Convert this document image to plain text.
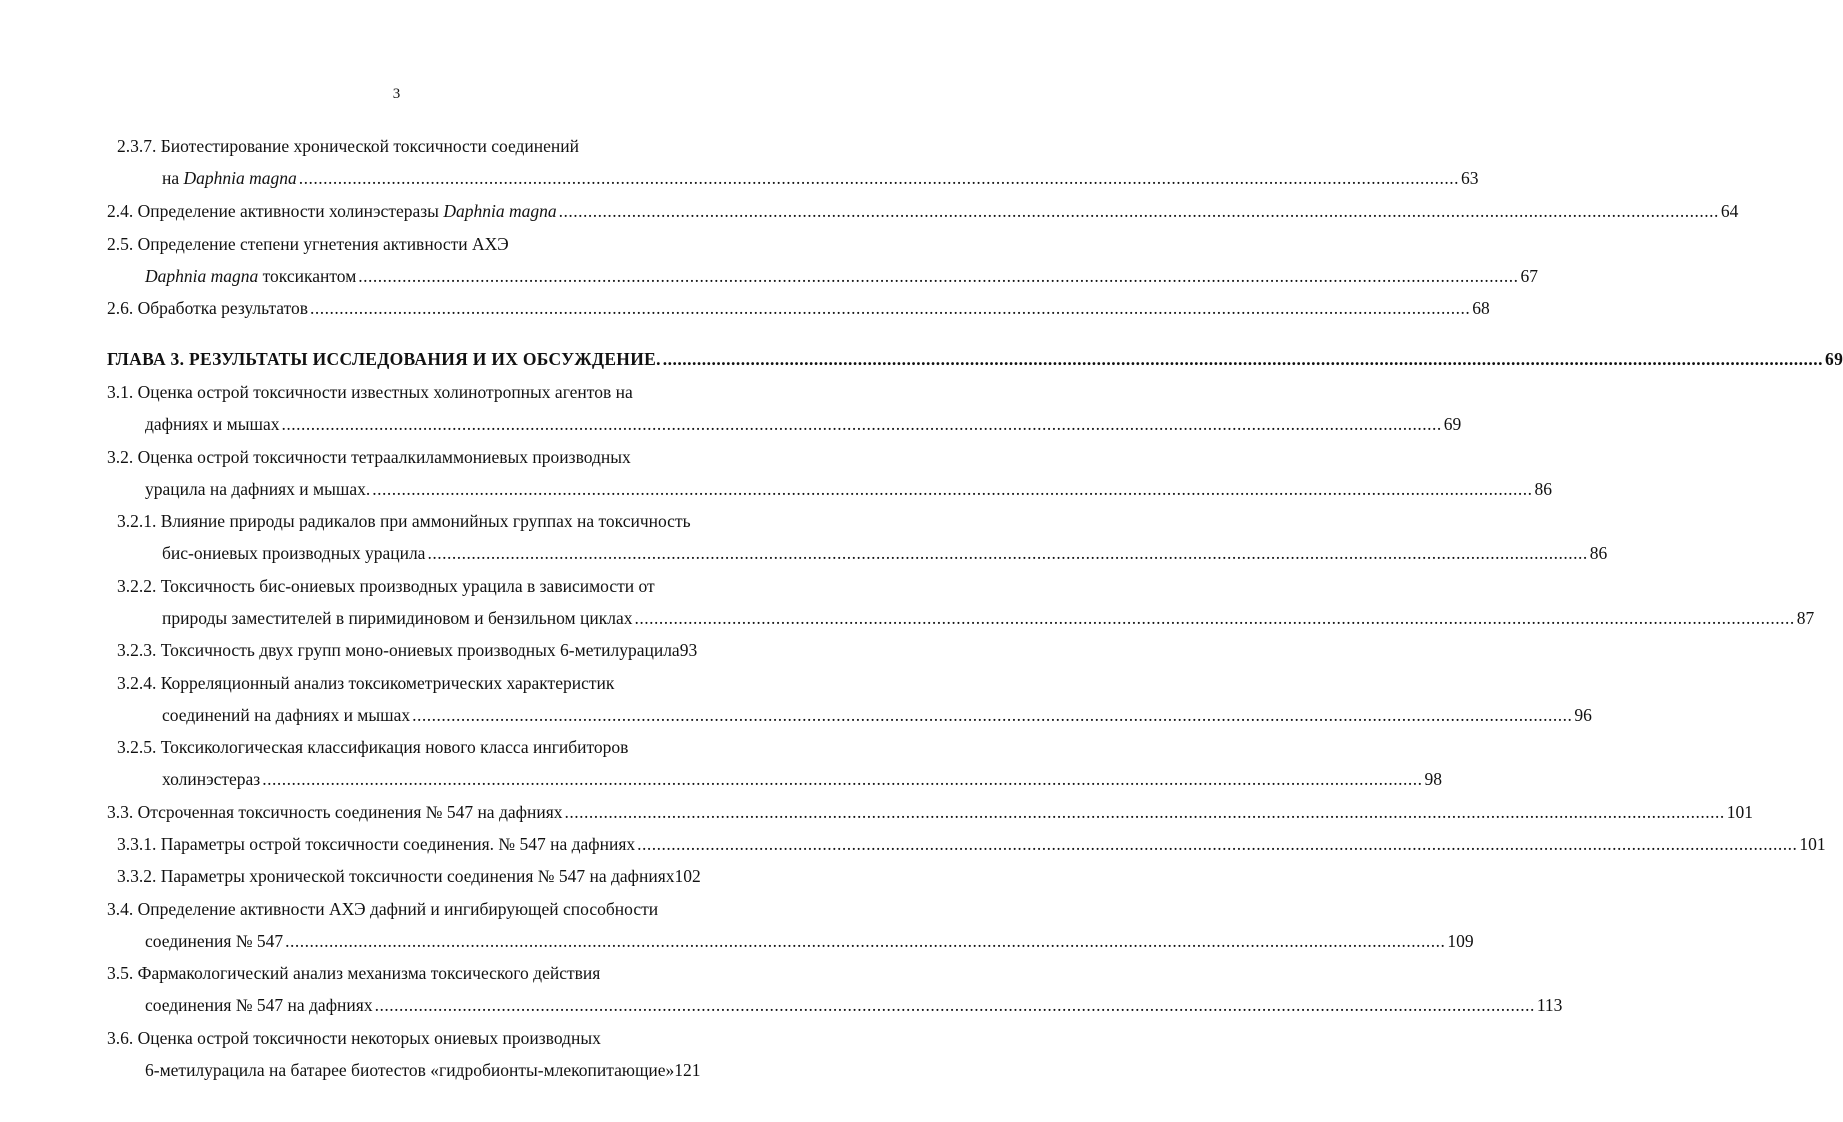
3
2.3.7. Биотестирование хронической токсичности соединений
на Daphnia magna .............................................................................................................................................................................................................................................. 63
2.4. Определение активности холинэстеразы Daphnia magna .............................................................................................................................................................................................................................................. 64
2.5. Определение степени угнетения активности АХЭ
Daphnia magna токсикантом .............................................................................................................................................................................................................................................. 67
2.6. Обработка результатов .............................................................................................................................................................................................................................................. 68
ГЛАВА 3. РЕЗУЛЬТАТЫ ИССЛЕДОВАНИЯ И ИХ ОБСУЖДЕНИЕ. .............................................................................................................................................................................................................................................. 69
3.1. Оценка острой токсичности известных холинотропных агентов на
дафниях и мышах .............................................................................................................................................................................................................................................. 69
3.2. Оценка острой токсичности тетраалкиламмониевых производных
урацила на дафниях и мышах. .............................................................................................................................................................................................................................................. 86
3.2.1. Влияние природы радикалов при аммонийных группах на токсичность
бис-ониевых производных урацила .............................................................................................................................................................................................................................................. 86
3.2.2. Токсичность бис-ониевых производных урацила в зависимости от
природы заместителей в пиримидиновом и бензильном циклах .............................................................................................................................................................................................................................................. 87
3.2.3. Токсичность двух групп моно-ониевых производных 6-метилурацила93
3.2.4. Корреляционный анализ токсикометрических характеристик
соединений на дафниях и мышах .............................................................................................................................................................................................................................................. 96
3.2.5. Токсикологическая классификация нового класса ингибиторов
холинэстераз .............................................................................................................................................................................................................................................. 98
3.3. Отсроченная токсичность соединения № 547 на дафниях .............................................................................................................................................................................................................................................. 101
3.3.1. Параметры острой токсичности соединения. № 547 на дафниях .............................................................................................................................................................................................................................................. 101
3.3.2. Параметры хронической токсичности соединения № 547 на дафниях102
3.4. Определение активности АХЭ дафний и ингибирующей способности
соединения № 547 .............................................................................................................................................................................................................................................. 109
3.5. Фармакологический анализ механизма токсического действия
соединения № 547 на дафниях .............................................................................................................................................................................................................................................. 113
3.6. Оценка острой токсичности некоторых ониевых производных
6-метилурацила на батарее биотестов «гидробионты-млекопитающие»121
